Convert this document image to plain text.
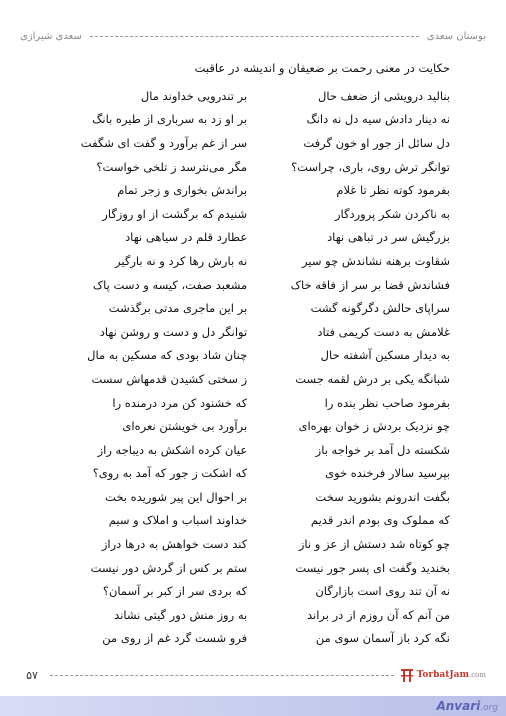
بوستان سعدی
سعدی شیرازی
حکایت در معنی رحمت بر ضعیفان و اندیشه در عاقبت
بنالید درویشی از ضعف حال
بر تندرویی خداوند مال
نه دینار دادش سیه دل نه دانگ
بر او زد به سرباری از طیره بانگ
دل سائل از جور او خون گرفت
سر از غم برآورد و گفت ای شگفت
توانگر ترش روی، باری، چراست؟
مگر می‌نترسد ز تلخی خواست؟
بفرمود کوته نظر تا غلام
براندش بخواری و زجر تمام
به ناکردن شکر پروردگار
شنیدم که برگشت از او روزگار
بزرگیش سر در تباهی نهاد
عطارد قلم در سیاهی نهاد
شقاوت برهنه نشاندش چو سیر
نه بارش رها کرد و نه بارگیر
فشاندش قضا بر سر از فاقه خاک
مشعبد صفت، کیسه و دست پاک
سراپای حالش دگرگونه گشت
بر این ماجری مدتی برگذشت
غلامش به دست کریمی فتاد
توانگر دل و دست و روشن نهاد
به دیدار مسکین آشفته حال
چنان شاد بودی که مسکین به مال
شبانگه یکی بر درش لقمه جست
ز سختی کشیدن قدمهاش سست
بفرمود صاحب نظر بنده را
که خشنود کن مرد درمنده را
چو نزدیک بردش ز خوان بهره‌ای
برآورد بی خویشتن نعره‌ای
شکسته دل آمد بر خواجه باز
عیان کرده اشکش به دیباجه راز
بپرسید سالار فرخنده خوی
که اشکت ز جور که آمد به روی؟
بگفت اندرونم بشورید سخت
بر احوال این پیر شوریده بخت
که مملوک وی بودم اندر قدیم
خداوند اسباب و املاک و سیم
چو کوتاه شد دستش از عز و ناز
کند دست خواهش به درها دراز
بخندید وگفت ای پسر جور نیست
ستم بر کس از گردش دور نیست
نه آن تند روی است بازارگان
که بردی سر از کبر بر آسمان؟
من آنم که آن روزم از در براند
به روز منش دور گیتی نشاند
نگه کرد باز آسمان سوی من
فرو شست گرد غم از روی من
۵۷	TorbatJam.com
Anvari.org
